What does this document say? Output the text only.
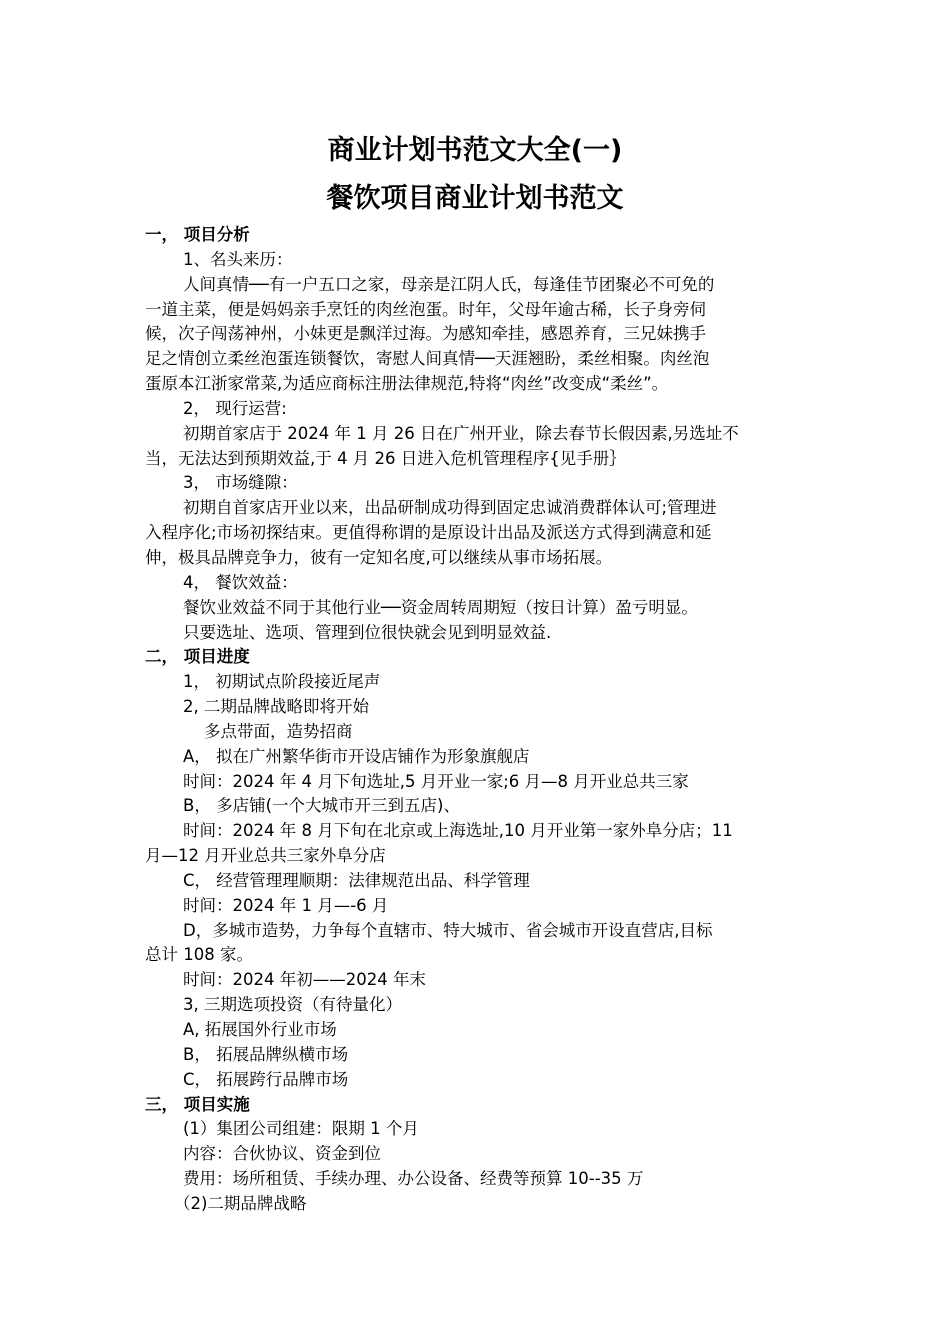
商业计划书范文大全(一)
餐饮项目商业计划书范文
一， 项目分析
1、名头来历：
人间真情──有一户五口之家，母亲是江阴人氏，每逢佳节团聚必不可免的
一道主菜，便是妈妈亲手烹饪的肉丝泡蛋。时年，父母年逾古稀，长子身旁伺
候，次子闯荡神州，小妹更是飘洋过海。为感知牵挂，感恩养育，三兄妹携手
足之情创立柔丝泡蛋连锁餐饮，寄慰人间真情──天涯翘盼，柔丝相聚。肉丝泡
蛋原本江浙家常菜,为适应商标注册法律规范,特将“肉丝”改变成“柔丝”。
2， 现行运营:
初期首家店于 2024 年 1 月 26 日在广州开业，除去春节长假因素,另选址不
当，无法达到预期效益,于 4 月 26 日进入危机管理程序{见手册｝
3， 市场缝隙：
初期自首家店开业以来，出品研制成功得到固定忠诚消费群体认可;管理进
入程序化;市场初探结束。更值得称谓的是原设计出品及派送方式得到满意和延
伸，极具品牌竞争力，彼有一定知名度,可以继续从事市场拓展。
4， 餐饮效益：
餐饮业效益不同于其他行业──资金周转周期短（按日计算）盈亏明显。
只要选址、选项、管理到位很快就会见到明显效益.
二， 项目进度
1， 初期试点阶段接近尾声
2, 二期品牌战略即将开始
多点带面，造势招商
A， 拟在广州繁华街市开设店铺作为形象旗舰店
时间：2024 年 4 月下旬选址,5 月开业一家;6 月—8 月开业总共三家
B， 多店铺(一个大城市开三到五店)、
时间：2024 年 8 月下旬在北京或上海选址,10 月开业第一家外阜分店；11
月—12 月开业总共三家外阜分店
C， 经营管理理顺期：法律规范出品、科学管理
时间：2024 年 1 月—-6 月
D，多城市造势，力争每个直辖市、特大城市、省会城市开设直营店,目标
总计 108 家。
时间：2024 年初——2024 年末
3, 三期选项投资（有待量化）
A, 拓展国外行业市场
B， 拓展品牌纵横市场
C， 拓展跨行品牌市场
三， 项目实施
(1）集团公司组建：限期 1 个月
内容：合伙协议、资金到位
费用：场所租赁、手续办理、办公设备、经费等预算 10--35 万
（2)二期品牌战略
